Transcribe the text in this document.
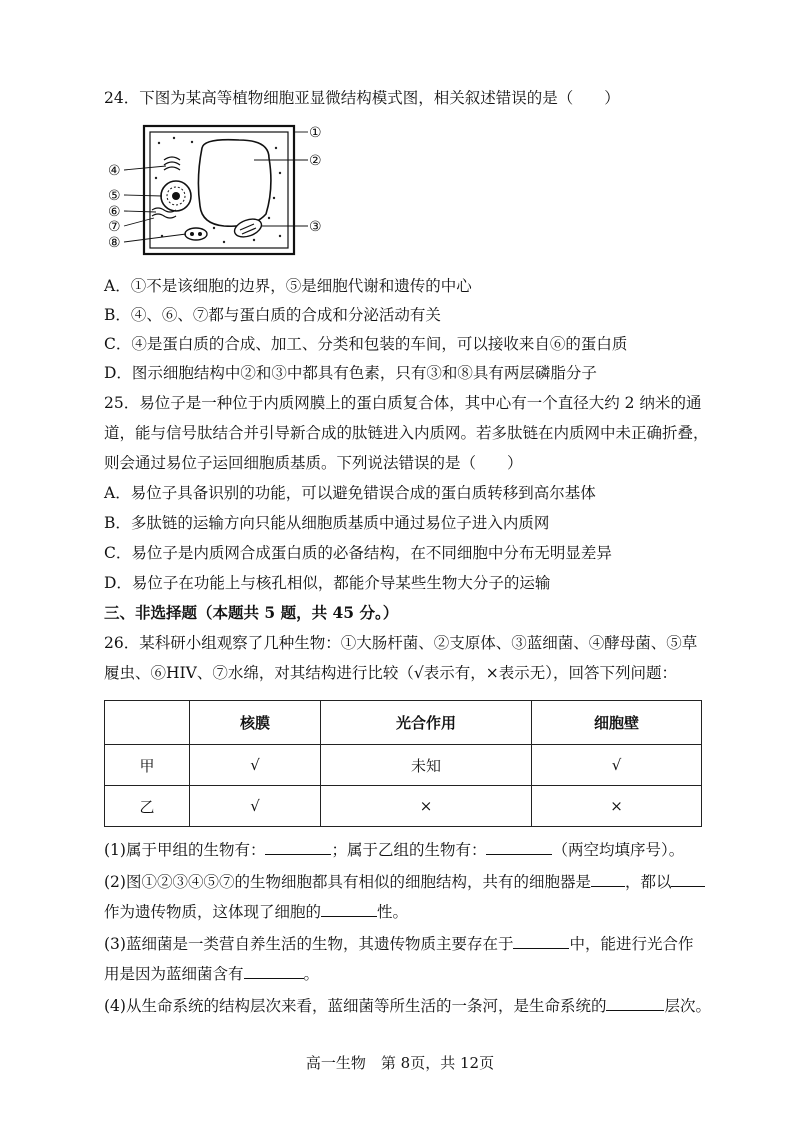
24．下图为某高等植物细胞亚显微结构模式图，相关叙述错误的是（　　）
①
②
③
④
⑤
⑥
⑦
⑧
A．①不是该细胞的边界，⑤是细胞代谢和遗传的中心
B．④、⑥、⑦都与蛋白质的合成和分泌活动有关
C．④是蛋白质的合成、加工、分类和包装的车间，可以接收来自⑥的蛋白质
D．图示细胞结构中②和③中都具有色素，只有③和⑧具有两层磷脂分子
25．易位子是一种位于内质网膜上的蛋白质复合体，其中心有一个直径大约 2 纳米的通
道，能与信号肽结合并引导新合成的肽链进入内质网。若多肽链在内质网中未正确折叠，
则会通过易位子运回细胞质基质。下列说法错误的是（　　）
A．易位子具备识别的功能，可以避免错误合成的蛋白质转移到高尔基体
B．多肽链的运输方向只能从细胞质基质中通过易位子进入内质网
C．易位子是内质网合成蛋白质的必备结构，在不同细胞中分布无明显差异
D．易位子在功能上与核孔相似，都能介导某些生物大分子的运输
三、非选择题（本题共 5 题，共 45 分。）
26．某科研小组观察了几种生物：①大肠杆菌、②支原体、③蓝细菌、④酵母菌、⑤草
履虫、⑥HIV、⑦水绵，对其结构进行比较（√表示有，×表示无），回答下列问题：
	核膜	光合作用	细胞壁
甲	√	未知	√
乙	√	×	×
(1)属于甲组的生物有：	；属于乙组的生物有：	（两空均填序号）。
(2)图①②③④⑤⑦的生物细胞都具有相似的细胞结构，共有的细胞器是 ，都以
作为遗传物质，这体现了细胞的	性。
(3)蓝细菌是一类营自养生活的生物，其遗传物质主要存在于	中，能进行光合作
用是因为蓝细菌含有	。
(4)从生命系统的结构层次来看，蓝细菌等所生活的一条河，是生命系统的	层次。
高一生物　第 8页，共 12页
